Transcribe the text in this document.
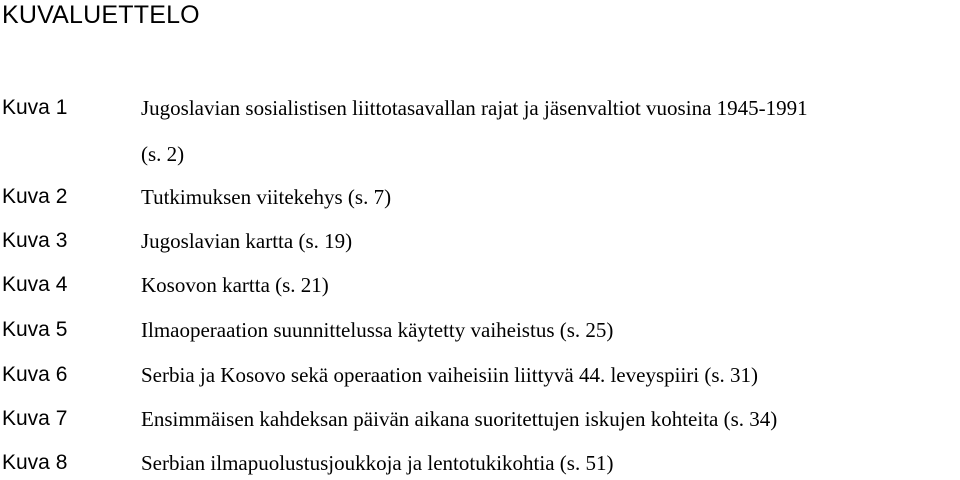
KUVALUETTELO
Kuva 1	Jugoslavian sosialistisen liittotasavallan rajat ja jäsenvaltiot vuosina 1945-1991
(s. 2)
Kuva 2	Tutkimuksen viitekehys (s. 7)
Kuva 3	Jugoslavian kartta (s. 19)
Kuva 4	Kosovon kartta (s. 21)
Kuva 5	Ilmaoperaation suunnittelussa käytetty vaiheistus (s. 25)
Kuva 6	Serbia ja Kosovo sekä operaation vaiheisiin liittyvä 44. leveyspiiri (s. 31)
Kuva 7	Ensimmäisen kahdeksan päivän aikana suoritettujen iskujen kohteita (s. 34)
Kuva 8	Serbian ilmapuolustusjoukkoja ja lentotukikohtia (s. 51)
